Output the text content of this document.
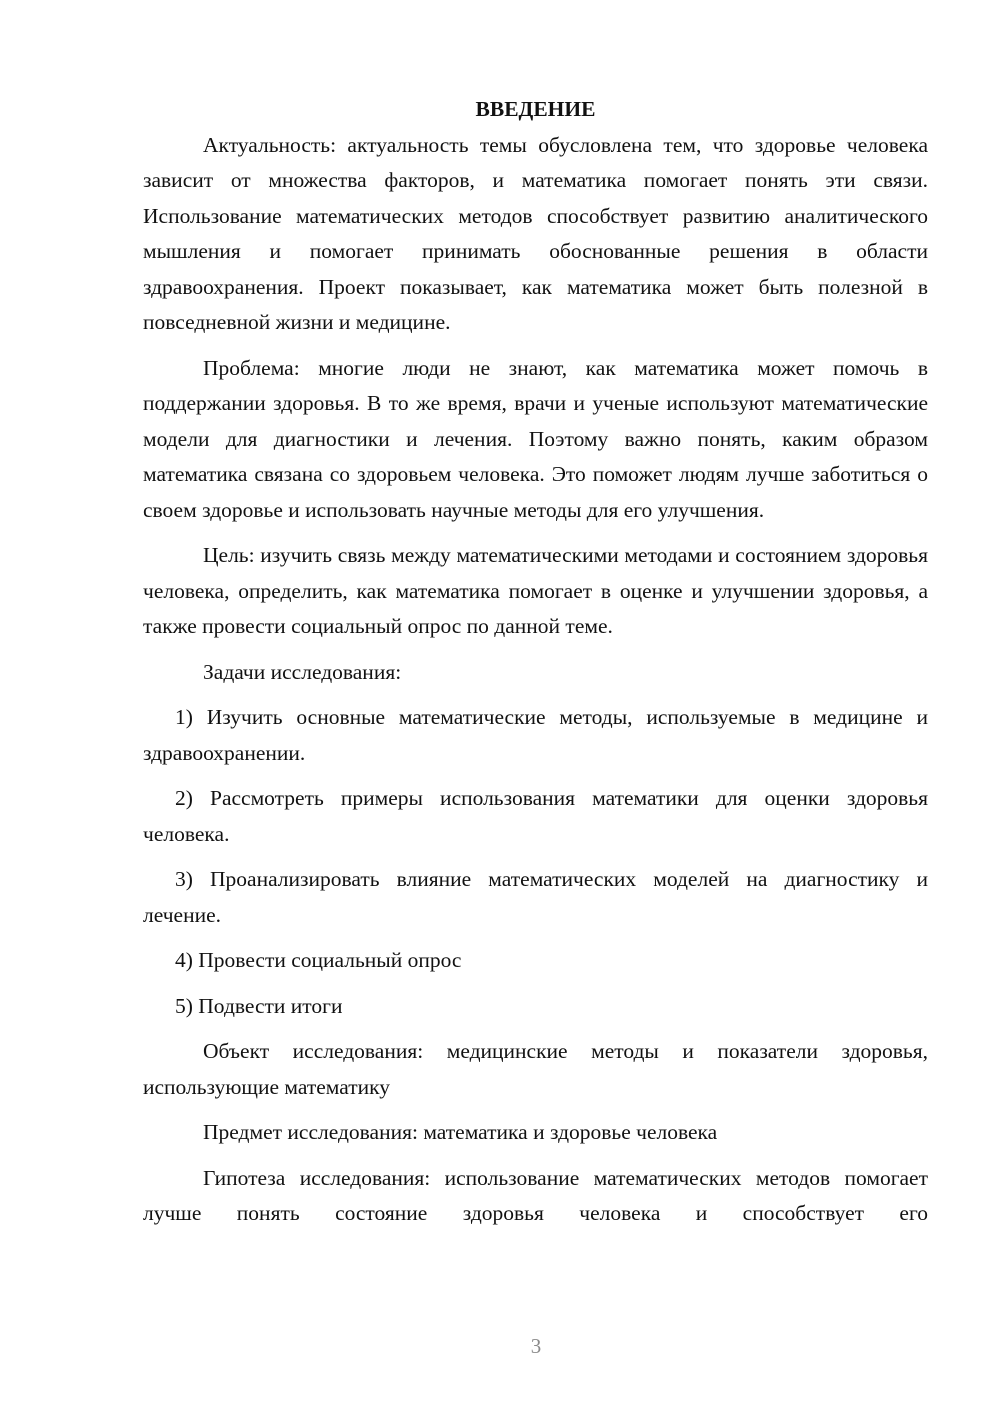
ВВЕДЕНИЕ
Актуальность: актуальность темы обусловлена тем, что здоровье человека зависит от множества факторов, и математика помогает понять эти связи. Использование математических методов способствует развитию аналитического мышления и помогает принимать обоснованные решения в области здравоохранения. Проект показывает, как математика может быть полезной в повседневной жизни и медицине.
Проблема: многие люди не знают, как математика может помочь в поддержании здоровья. В то же время, врачи и ученые используют математические модели для диагностики и лечения. Поэтому важно понять, каким образом математика связана со здоровьем человека. Это поможет людям лучше заботиться о своем здоровье и использовать научные методы для его улучшения.
Цель: изучить связь между математическими методами и состоянием здоровья человека, определить, как математика помогает в оценке и улучшении здоровья, а также провести социальный опрос по данной теме.
Задачи исследования:
1) Изучить основные математические методы, используемые в медицине и здравоохранении.
2) Рассмотреть примеры использования математики для оценки здоровья человека.
3) Проанализировать влияние математических моделей на диагностику и лечение.
4) Провести социальный опрос
5) Подвести итоги
Объект исследования: медицинские методы и показатели здоровья, использующие математику
Предмет исследования: математика и здоровье человека
Гипотеза исследования: использование математических методов помогает лучше понять состояние здоровья человека и способствует его
3
